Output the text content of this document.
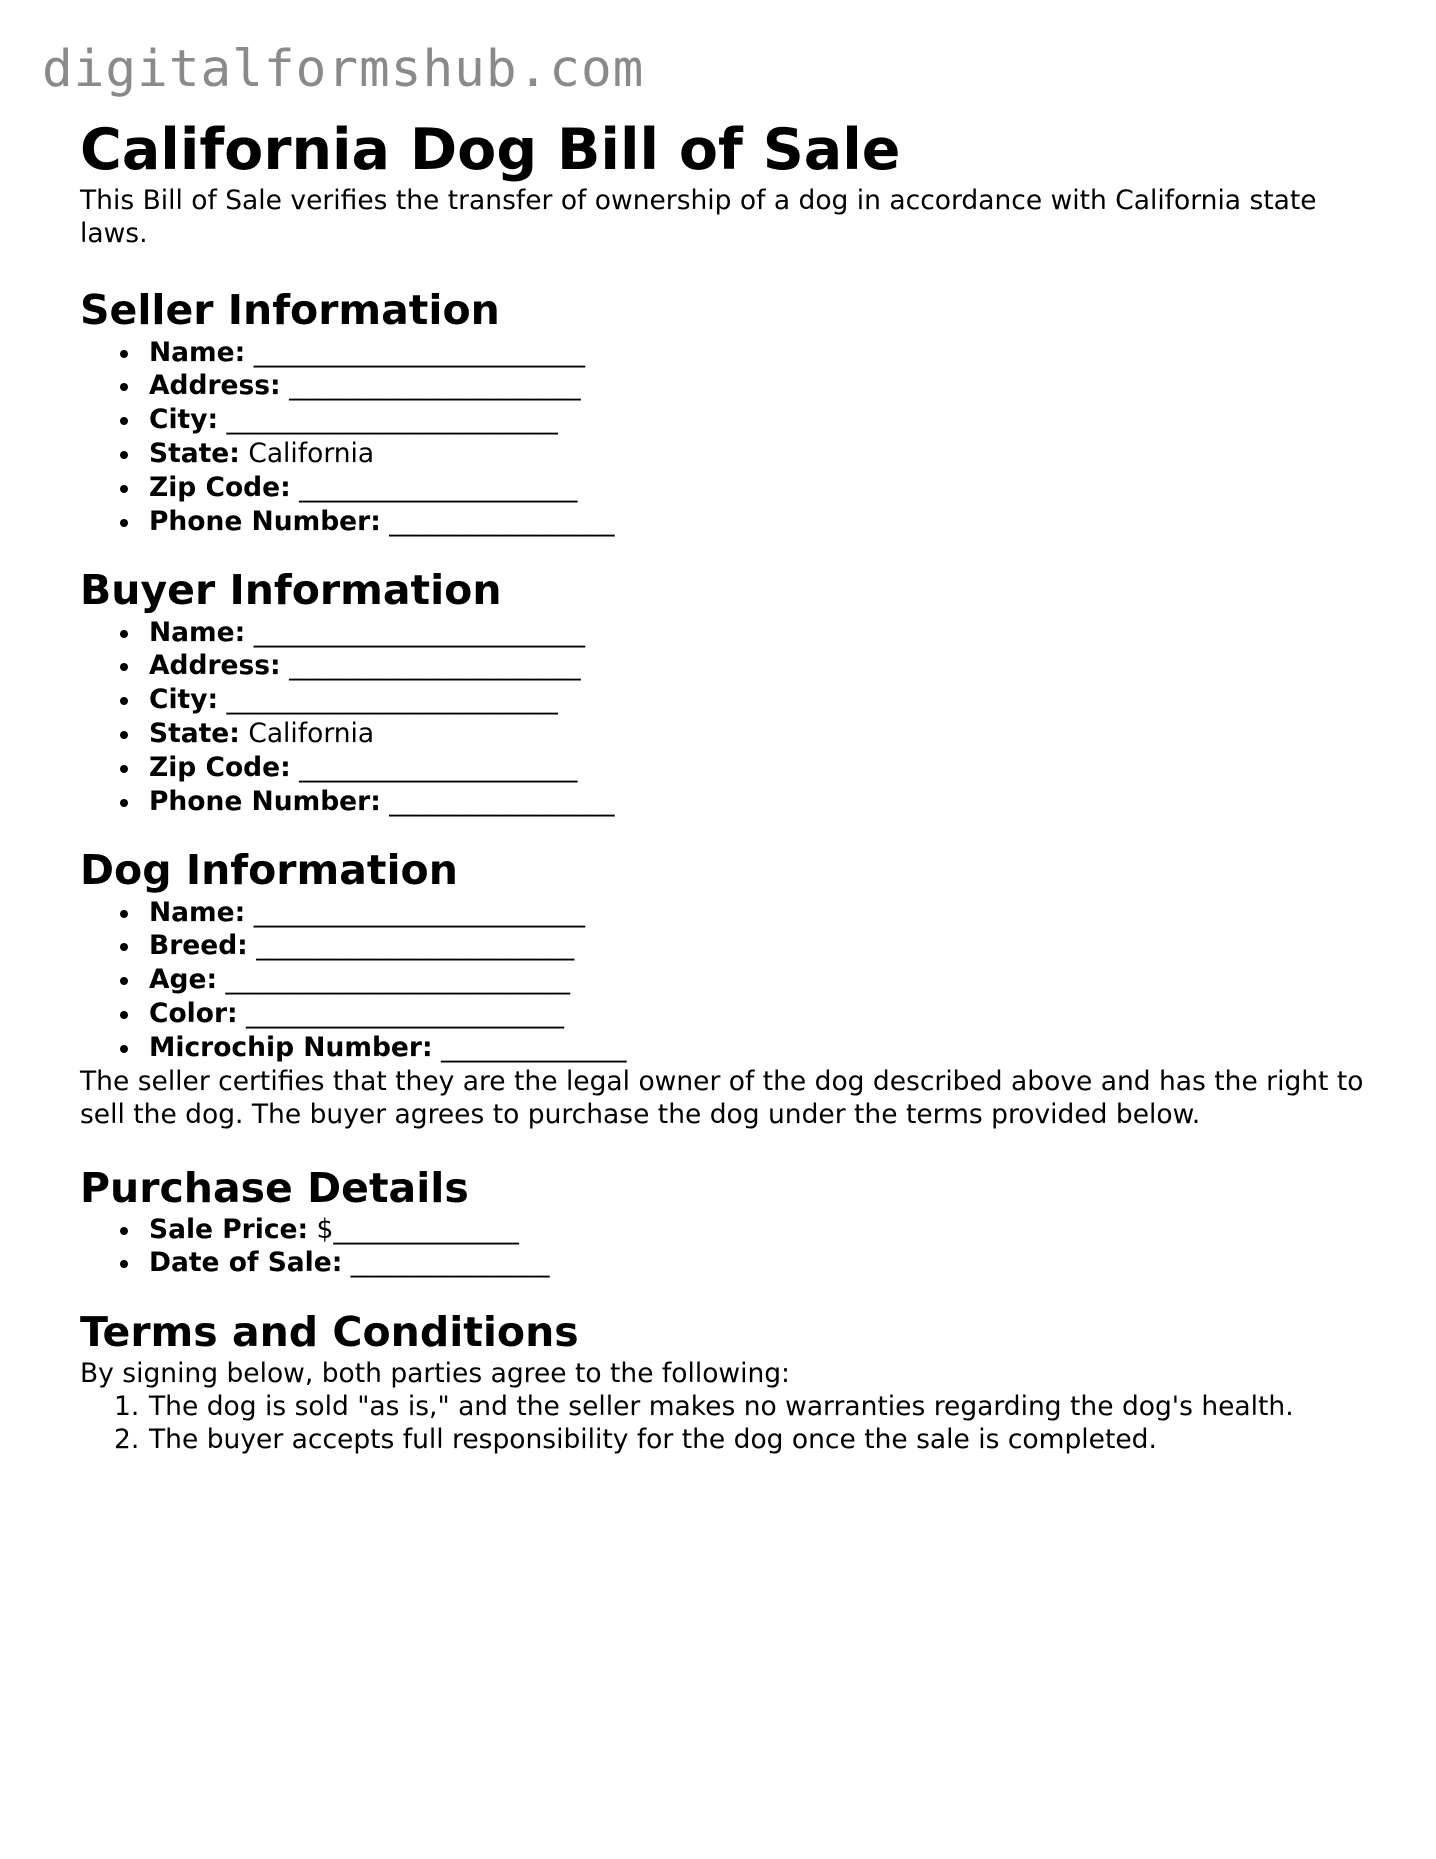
digitalformshub.com
California Dog Bill of Sale

This Bill of Sale verifies the transfer of ownership of a dog in accordance with California state laws.

Seller Information
Name: _________________________
Address: ______________________
City: _________________________
State: California
Zip Code: _____________________
Phone Number: _________________
Buyer Information
Name: _________________________
Address: ______________________
City: _________________________
State: California
Zip Code: _____________________
Phone Number: _________________
Dog Information
Name: _________________________
Breed: ________________________
Age: __________________________
Color: ________________________
Microchip Number: ______________

The seller certifies that they are the legal owner of the dog described above and has the right to sell the dog. The buyer agrees to purchase the dog under the terms provided below.

Purchase Details
Sale Price: $______________
Date of Sale: _______________
Terms and Conditions

By signing below, both parties agree to the following:

1. The dog is sold "as is," and the seller makes no warranties regarding the dog's health.
2. The buyer accepts full responsibility for the dog once the sale is completed.
